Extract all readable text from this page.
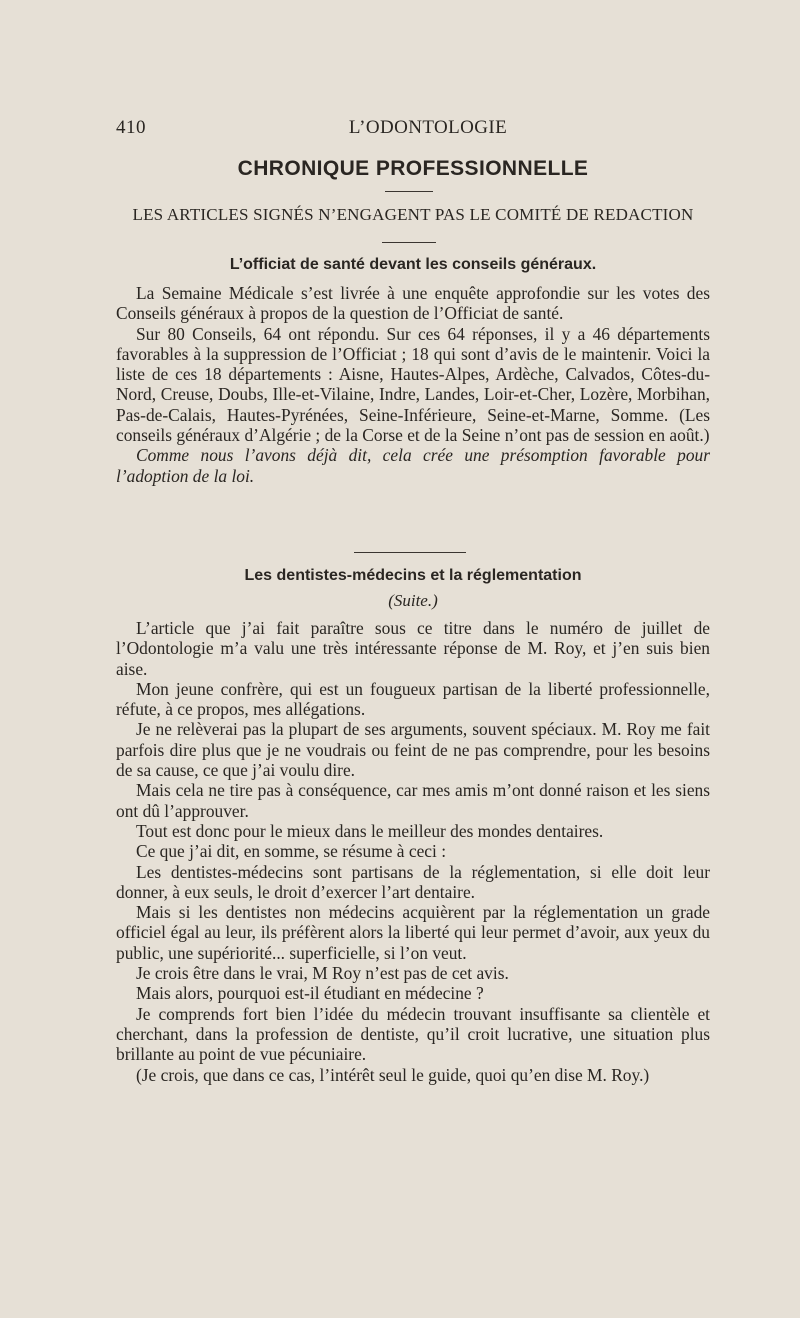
410	L’ODONTOLOGIE
CHRONIQUE PROFESSIONNELLE
LES ARTICLES SIGNÉS N’ENGAGENT PAS LE COMITÉ DE REDACTION
L’officiat de santé devant les conseils généraux.

La Semaine Médicale s’est livrée à une enquête approfondie sur les votes des Conseils généraux à propos de la question de l’Officiat de santé.

Sur 80 Conseils, 64 ont répondu. Sur ces 64 réponses, il y a 46 départements favorables à la suppression de l’Officiat ; 18 qui sont d’avis de le maintenir. Voici la liste de ces 18 départements : Aisne, Hautes-Alpes, Ardèche, Calvados, Côtes-du-Nord, Creuse, Doubs, Ille-et-Vilaine, Indre, Landes, Loir-et-Cher, Lozère, Morbihan, Pas-de-Calais, Hautes-Pyrénées, Seine-Inférieure, Seine-et-Marne, Somme. (Les conseils généraux d’Algérie ; de la Corse et de la Seine n’ont pas de session en août.)

Comme nous l’avons déjà dit, cela crée une présomption favorable pour l’adoption de la loi.

Les dentistes-médecins et la réglementation
(Suite.)

L’article que j’ai fait paraître sous ce titre dans le numéro de juillet de l’Odontologie m’a valu une très intéressante réponse de M. Roy, et j’en suis bien aise.

Mon jeune confrère, qui est un fougueux partisan de la liberté professionnelle, réfute, à ce propos, mes allégations.

Je ne relèverai pas la plupart de ses arguments, souvent spéciaux. M. Roy me fait parfois dire plus que je ne voudrais ou feint de ne pas comprendre, pour les besoins de sa cause, ce que j’ai voulu dire.

Mais cela ne tire pas à conséquence, car mes amis m’ont donné raison et les siens ont dû l’approuver.

Tout est donc pour le mieux dans le meilleur des mondes dentaires.

Ce que j’ai dit, en somme, se résume à ceci :

Les dentistes-médecins sont partisans de la réglementation, si elle doit leur donner, à eux seuls, le droit d’exercer l’art dentaire.

Mais si les dentistes non médecins acquièrent par la réglementation un grade officiel égal au leur, ils préfèrent alors la liberté qui leur permet d’avoir, aux yeux du public, une supériorité... superficielle, si l’on veut.

Je crois être dans le vrai, M Roy n’est pas de cet avis.

Mais alors, pourquoi est-il étudiant en médecine ?

Je comprends fort bien l’idée du médecin trouvant insuffisante sa clientèle et cherchant, dans la profession de dentiste, qu’il croit lucrative, une situation plus brillante au point de vue pécuniaire.

(Je crois, que dans ce cas, l’intérêt seul le guide, quoi qu’en dise M. Roy.)
